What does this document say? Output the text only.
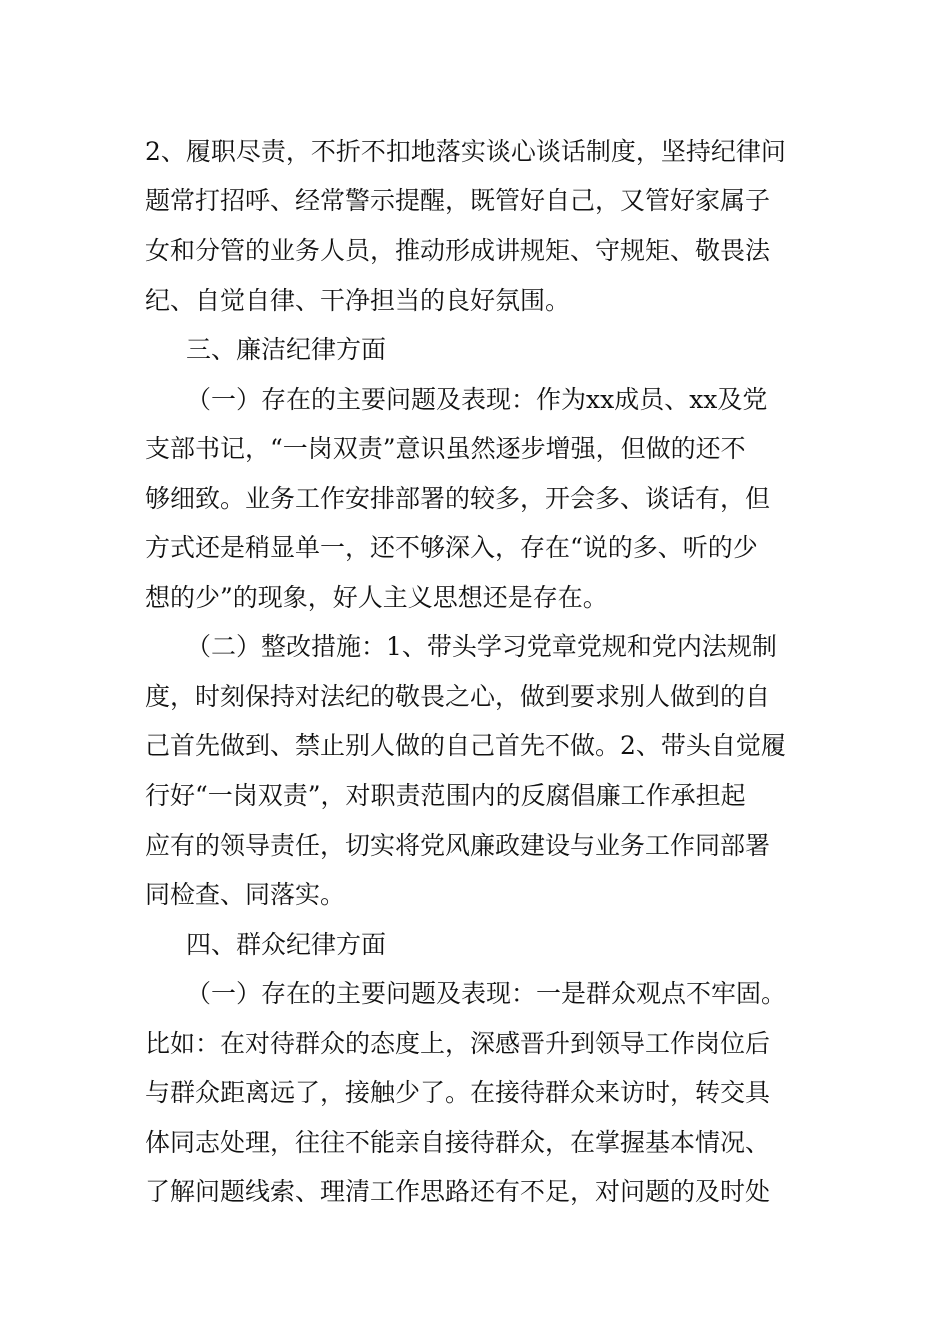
2、履职尽责，不折不扣地落实谈心谈话制度，坚持纪律问
题常打招呼、经常警示提醒，既管好自己，又管好家属子
女和分管的业务人员，推动形成讲规矩、守规矩、敬畏法
纪、自觉自律、干净担当的良好氛围。
三、廉洁纪律方面
（一）存在的主要问题及表现：作为xx成员、xx及党
支部书记，“一岗双责”意识虽然逐步增强，但做的还不
够细致。业务工作安排部署的较多，开会多、谈话有，但
方式还是稍显单一，还不够深入，存在“说的多、听的少
想的少”的现象，好人主义思想还是存在。
（二）整改措施：1、带头学习党章党规和党内法规制
度，时刻保持对法纪的敬畏之心，做到要求别人做到的自
己首先做到、禁止别人做的自己首先不做。2、带头自觉履
行好“一岗双责”，对职责范围内的反腐倡廉工作承担起
应有的领导责任，切实将党风廉政建设与业务工作同部署
同检查、同落实。
四、群众纪律方面
（一）存在的主要问题及表现：一是群众观点不牢固。
比如：在对待群众的态度上，深感晋升到领导工作岗位后
与群众距离远了，接触少了。在接待群众来访时，转交具
体同志处理，往往不能亲自接待群众，在掌握基本情况、
了解问题线索、理清工作思路还有不足，对问题的及时处
